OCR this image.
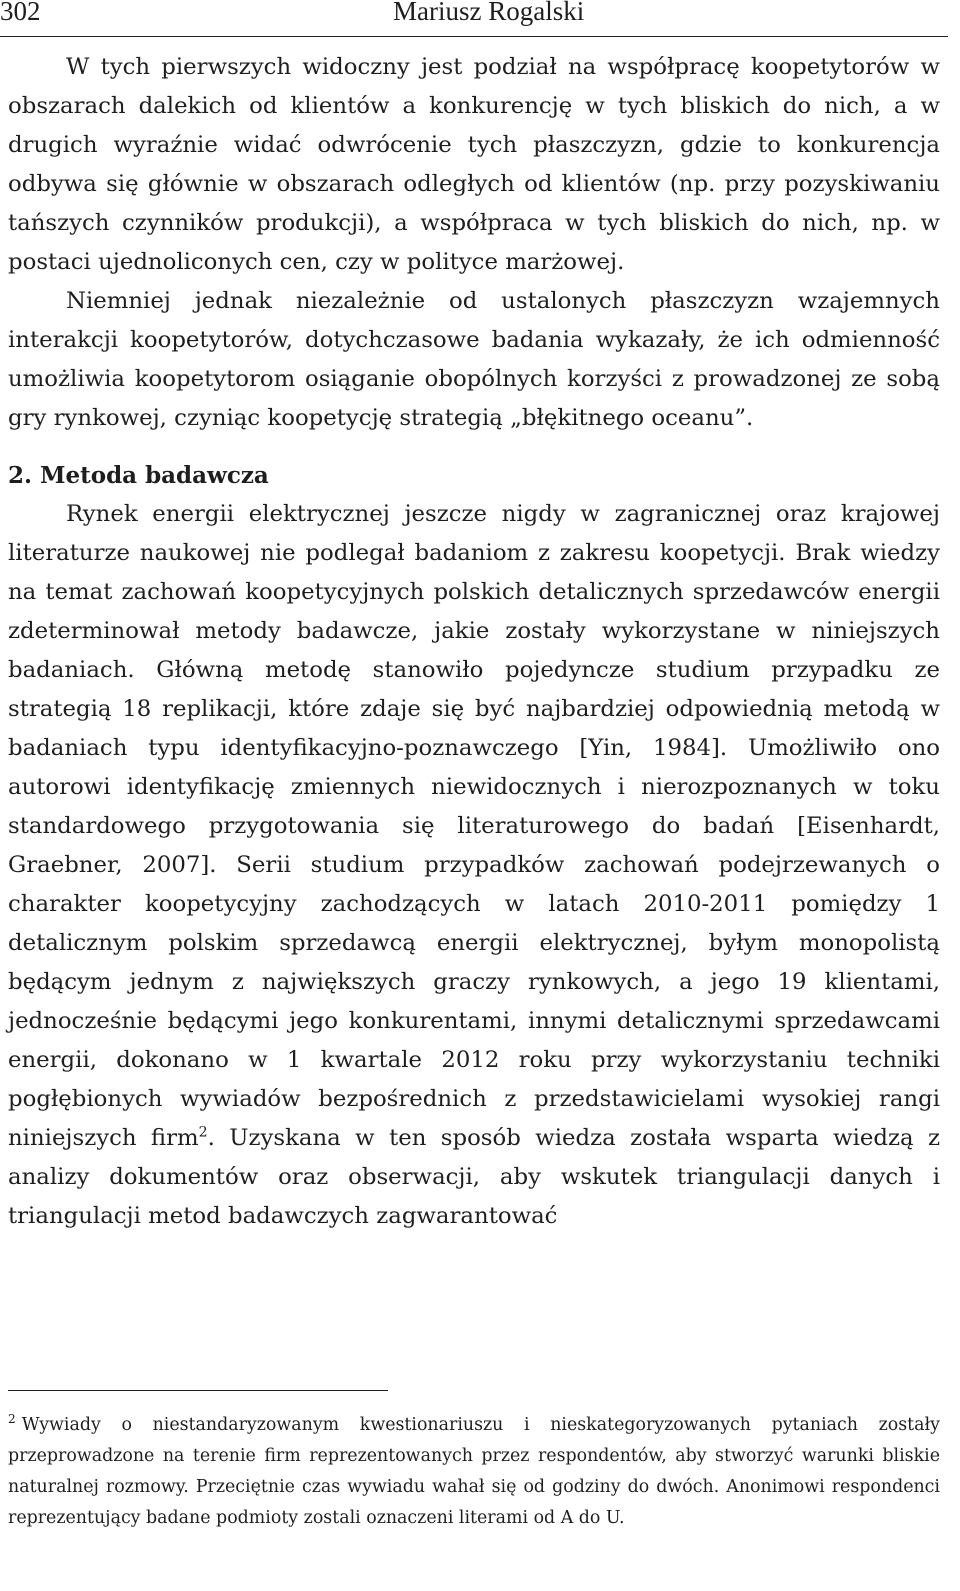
302	Mariusz Rogalski

W tych pierwszych widoczny jest podział na współpracę koopetytorów w obszarach dalekich od klientów a konkurencję w tych bliskich do nich, a w drugich wyraźnie widać odwrócenie tych płaszczyzn, gdzie to konkurencja odbywa się głównie w obszarach odległych od klientów (np. przy pozyskiwaniu tańszych czynników produkcji), a współpraca w tych bliskich do nich, np. w postaci ujednoliconych cen, czy w polityce marżowej.

Niemniej jednak niezależnie od ustalonych płaszczyzn wzajemnych interakcji koopetytorów, dotychczasowe badania wykazały, że ich odmienność umożliwia koopetytorom osiąganie obopólnych korzyści z prowadzonej ze sobą gry rynkowej, czyniąc koopetycję strategią „błękitnego oceanu”.

2. Metoda badawcza

Rynek energii elektrycznej jeszcze nigdy w zagranicznej oraz krajowej literaturze naukowej nie podlegał badaniom z zakresu koopetycji. Brak wiedzy na temat zachowań koopetycyjnych polskich detalicznych sprzedawców energii zdeterminował metody badawcze, jakie zostały wykorzystane w niniejszych badaniach. Główną metodę stanowiło pojedyncze studium przypadku ze strategią 18 replikacji, które zdaje się być najbardziej odpowiednią metodą w badaniach typu identyfikacyjno-poznawczego [Yin, 1984]. Umożliwiło ono autorowi identyfikację zmiennych niewidocznych i nierozpoznanych w toku standardowego przygotowania się literaturowego do badań [Eisenhardt, Graebner, 2007]. Serii studium przypadków zachowań podejrzewanych o charakter koopetycyjny zachodzących w latach 2010-2011 pomiędzy 1 detalicznym polskim sprzedawcą energii elektrycznej, byłym monopolistą będącym jednym z największych graczy rynkowych, a jego 19 klientami, jednocześnie będącymi jego konkurentami, innymi detalicznymi sprzedawcami energii, dokonano w 1 kwartale 2012 roku przy wykorzystaniu techniki pogłębionych wywiadów bezpośrednich z przedstawicielami wysokiej rangi niniejszych firm$^2$. Uzyskana w ten sposób wiedza została wsparta wiedzą z analizy dokumentów oraz obserwacji, aby wskutek triangulacji danych i triangulacji metod badawczych zagwarantować

$^2$ Wywiady o niestandaryzowanym kwestionariuszu i nieskategoryzowanych pytaniach zostały przeprowadzone na terenie firm reprezentowanych przez respondentów, aby stworzyć warunki bliskie naturalnej rozmowy. Przeciętnie czas wywiadu wahał się od godziny do dwóch. Anonimowi respondenci reprezentujący badane podmioty zostali oznaczeni literami od A do U.
